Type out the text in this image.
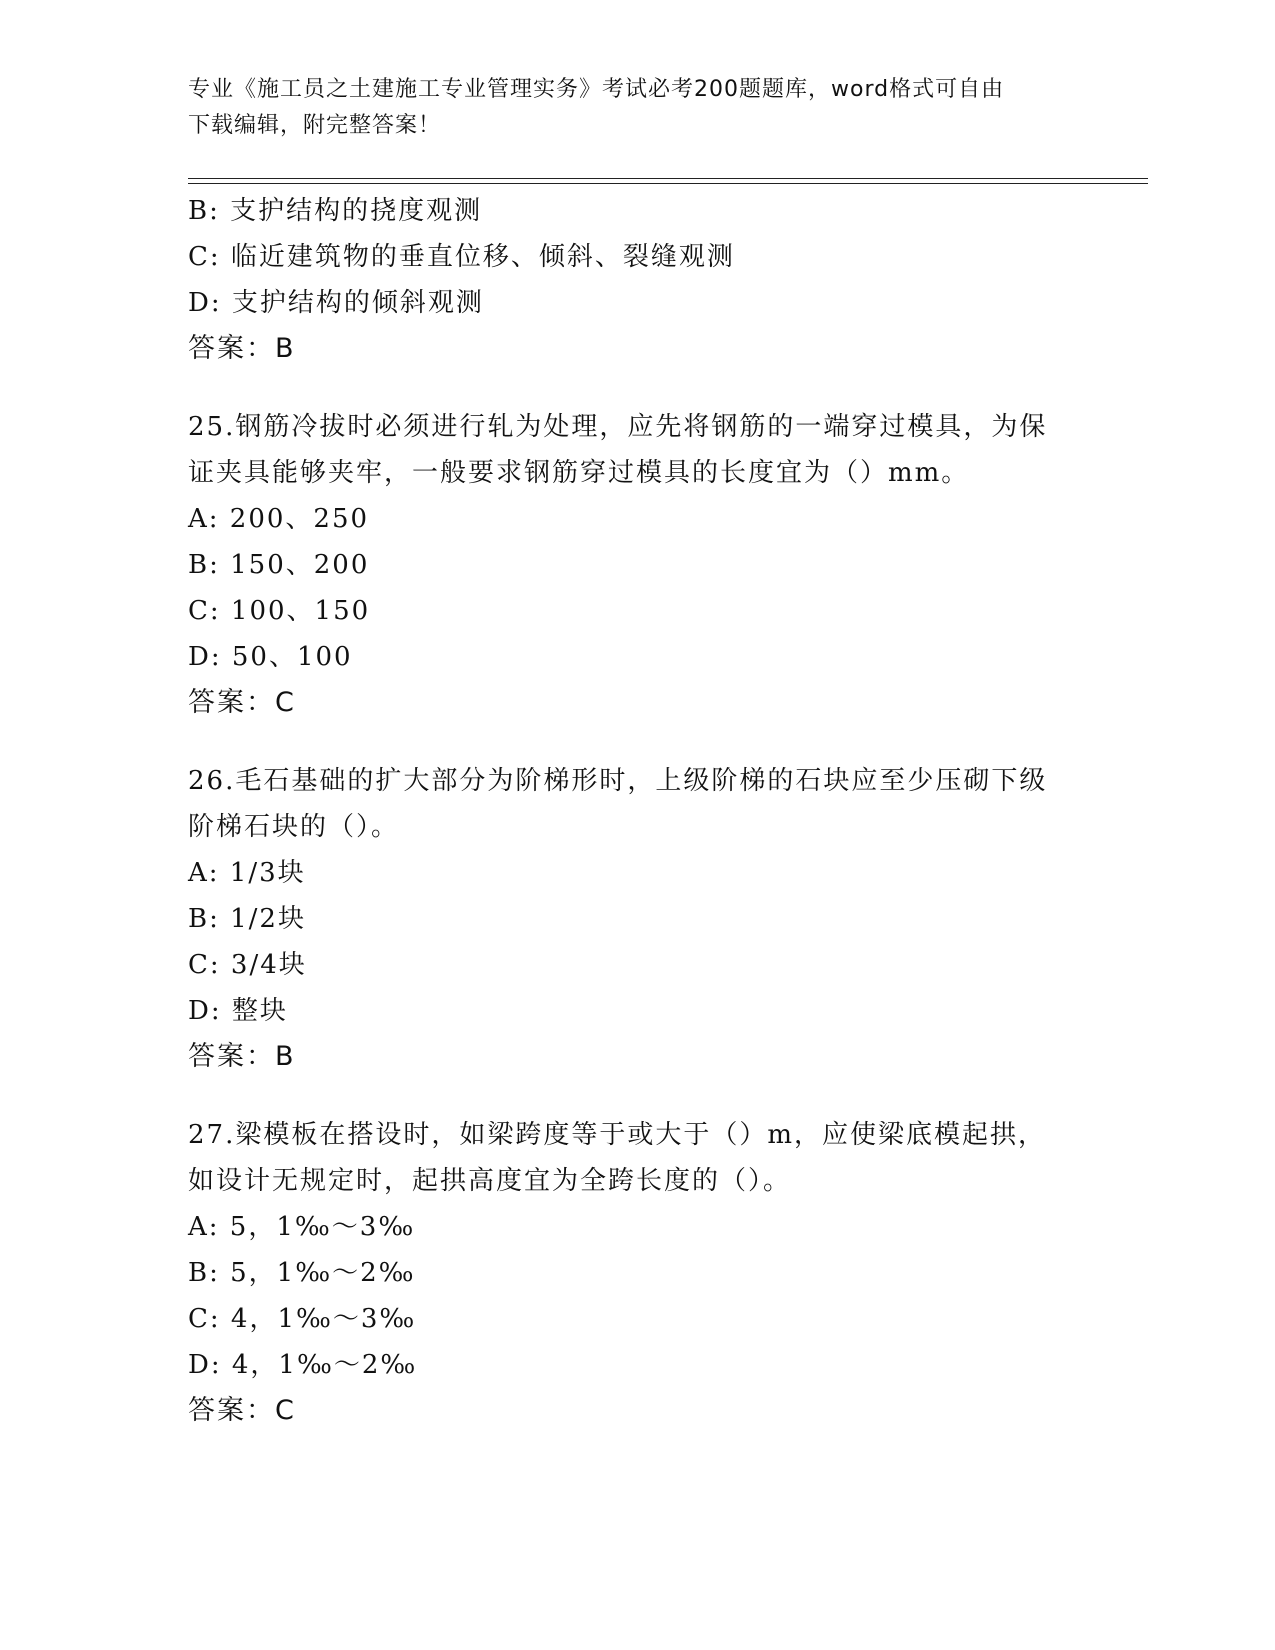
专业《施工员之土建施工专业管理实务》考试必考200题题库，word格式可自由
下载编辑，附完整答案！
B: 支护结构的挠度观测
C: 临近建筑物的垂直位移、倾斜、裂缝观测
D: 支护结构的倾斜观测
答案：B
25.钢筋冷拔时必须进行轧为处理，应先将钢筋的一端穿过模具，为保
证夹具能够夹牢，一般要求钢筋穿过模具的长度宜为（）mm。
A: 200、250
B: 150、200
C: 100、150
D: 50、100
答案：C
26.毛石基础的扩大部分为阶梯形时，上级阶梯的石块应至少压砌下级
阶梯石块的（）。
A: 1/3块
B: 1/2块
C: 3/4块
D: 整块
答案：B
27.梁模板在搭设时，如梁跨度等于或大于（）m，应使梁底模起拱，
如设计无规定时，起拱高度宜为全跨长度的（）。
A: 5，1‰～3‰
B: 5，1‰～2‰
C: 4，1‰～3‰
D: 4，1‰～2‰
答案：C
